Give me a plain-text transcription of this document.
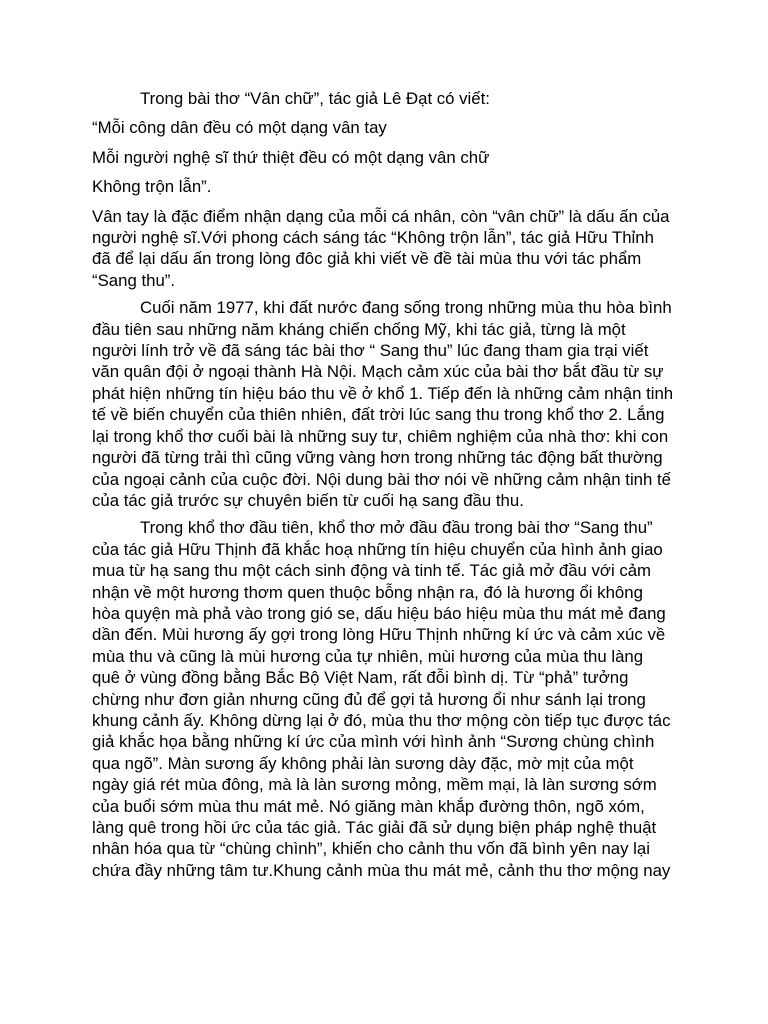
Trong bài thơ “Vân chữ”, tác giả Lê Đạt có viết:

“Mỗi công dân đều có một dạng vân tay

Mỗi người nghệ sĩ thứ thiệt đều có một dạng vân chữ

Không trộn lẫn”.

Vân tay là đặc điểm nhận dạng của mỗi cá nhân, còn “vân chữ” là dấu ấn của người nghệ sĩ.Với phong cách sáng tác “Không trộn lẫn”, tác giả Hữu Thỉnh đã để lại dấu ấn trong lòng đôc giả khi viết về đề tài mùa thu với tác phẩm “Sang thu”.

Cuối năm 1977, khi đất nước đang sống trong những mùa thu hòa bình đầu tiên sau những năm kháng chiến chống Mỹ, khi tác giả, từng là một người lính trở về đã sáng tác bài thơ “ Sang thu” lúc đang tham gia trại viết văn quân đội ở ngoại thành Hà Nội. Mạch cảm xúc của bài thơ bắt đầu từ sự phát hiện những tín hiệu báo thu về ở khổ 1. Tiếp đến là những cảm nhận tinh tế về biến chuyển của thiên nhiên, đất trời lúc sang thu trong khổ thơ 2. Lắng lại trong khổ thơ cuối bài là những suy tư, chiêm nghiệm của nhà thơ: khi con người đã từng trải thì cũng vững vàng hơn trong những tác động bất thường của ngoại cảnh của cuộc đời. Nội dung bài thơ nói về những cảm nhận tinh tế của tác giả trước sự chuyên biến từ cuối hạ sang đầu thu.

Trong khổ thơ đầu tiên, khổ thơ mở đầu đầu trong bài thơ “Sang thu” của tác giả Hữu Thịnh đã khắc hoạ những tín hiệu chuyển của hình ảnh giao mua từ hạ sang thu một cách sinh động và tinh tế. Tác giả mở đầu với cảm nhận về một hương thơm quen thuộc bỗng nhận ra, đó là hương ổi không hòa quyện mà phả vào trong gió se, dấu hiệu báo hiệu mùa thu mát mẻ đang dần đến. Mùi hương ấy gợi trong lòng Hữu Thịnh những kí ức và cảm xúc về mùa thu và cũng là mùi hương của tự nhiên, mùi hương của mùa thu làng quê ở vùng đồng bằng Bắc Bộ Việt Nam, rất đỗi bình dị. Từ “phả” tưởng chừng như đơn giản nhưng cũng đủ để gợi tả hương ổi như sánh lại trong khung cảnh ấy. Không dừng lại ở đó, mùa thu thơ mộng còn tiếp tục được tác giả khắc họa bằng những kí ức của mình với hình ảnh “Sương chùng chình qua ngõ”. Màn sương ấy không phải làn sương dày đặc, mờ mịt của một ngày giá rét mùa đông, mà là làn sương mỏng, mềm mại, là làn sương sớm của buổi sớm mùa thu mát mẻ. Nó giăng màn khắp đường thôn, ngõ xóm, làng quê trong hồi ức của tác giả. Tác giải đã sử dụng biện pháp nghệ thuật nhân hóa qua từ “chùng chình”, khiến cho cảnh thu vốn đã bình yên nay lại chứa đầy những tâm tư.Khung cảnh mùa thu mát mẻ, cảnh thu thơ mộng nay
